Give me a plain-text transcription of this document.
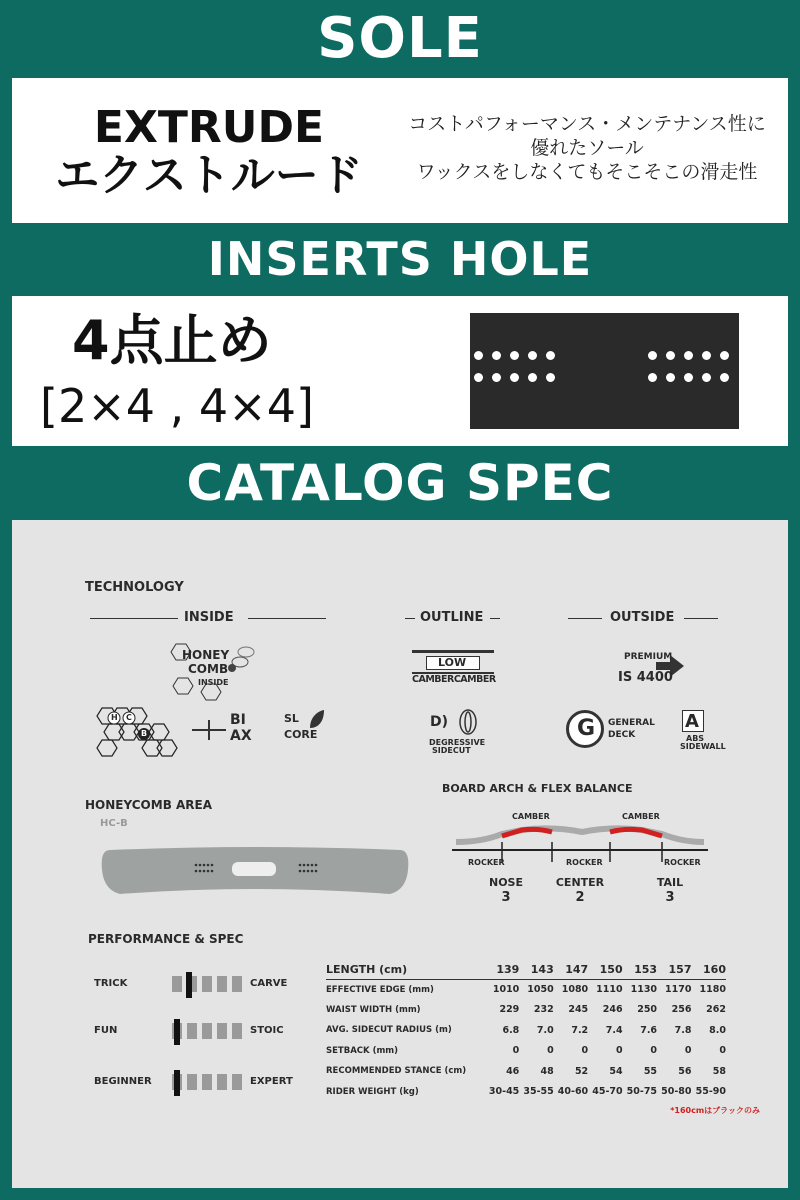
SOLE
EXTRUDE
エクストルード
コストパフォーマンス・メンテナンス性に
優れたソール
ワックスをしなくてもそこそこの滑走性
INSERTS HOLE
4点止め
[2×4 , 4×4]
CATALOG SPEC
TECHNOLOGY
INSIDE	OUTLINE	OUTSIDE
HONEY
COMB
INSIDE
H C
B
BI
AX
SL
CORE
LOW
CAMBERCAMBER
D)
DEGRESSIVE
SIDECUT
PREMIUM
IS 4400
G GENERAL
DECK
A
ABS
SIDEWALL
HONEYCOMB AREA
HC-B
BOARD ARCH & FLEX BALANCE
CAMBER	CAMBER
ROCKER	ROCKER	ROCKER
NOSE
3
CENTER
2
TAIL
3
PERFORMANCE & SPEC
TRICK	CARVE
FUN	STOIC
BEGINNER	EXPERT
LENGTH (cm)	139	143	147	150	153	157	160
EFFECTIVE EDGE (mm)	1010	1050	1080	1110	1130	1170	1180
WAIST WIDTH (mm)	229	232	245	246	250	256	262
AVG. SIDECUT RADIUS (m)	6.8	7.0	7.2	7.4	7.6	7.8	8.0
SETBACK (mm)	0	0	0	0	0	0	0
RECOMMENDED STANCE (cm)	46	48	52	54	55	56	58
RIDER WEIGHT (kg)	30-45	35-55	40-60	45-70	50-75	50-80	55-90
*160cmはブラックのみ
